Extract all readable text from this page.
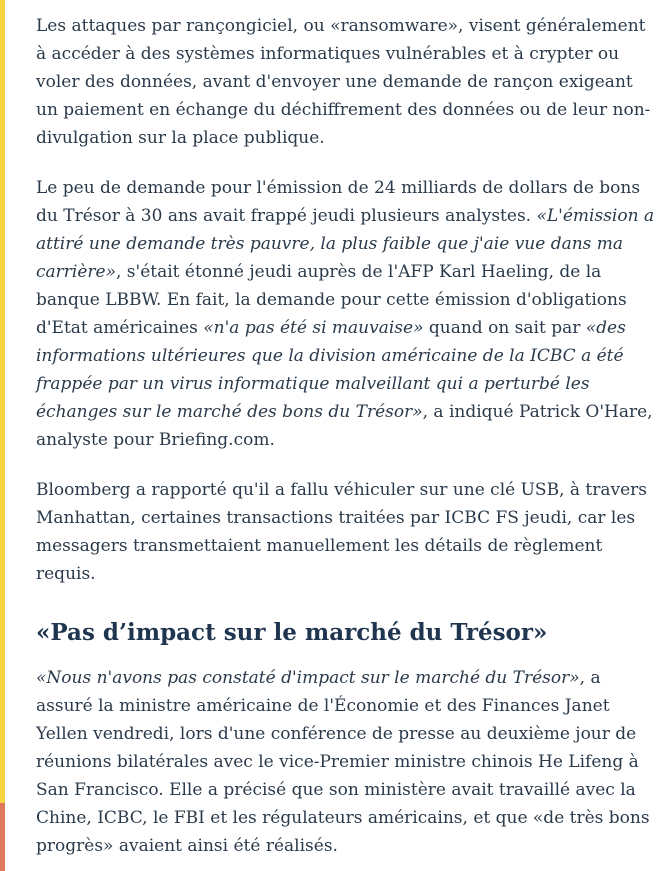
Les attaques par rançongiciel, ou «ransomware», visent généralement à accéder à des systèmes informatiques vulnérables et à crypter ou voler des données, avant d'envoyer une demande de rançon exigeant un paiement en échange du déchiffrement des données ou de leur non-divulgation sur la place publique.

Le peu de demande pour l'émission de 24 milliards de dollars de bons du Trésor à 30 ans avait frappé jeudi plusieurs analystes. «L'émission a attiré une demande très pauvre, la plus faible que j'aie vue dans ma carrière», s'était étonné jeudi auprès de l'AFP Karl Haeling, de la banque LBBW. En fait, la demande pour cette émission d'obligations d'Etat américaines «n'a pas été si mauvaise» quand on sait par «des informations ultérieures que la division américaine de la ICBC a été frappée par un virus informatique malveillant qui a perturbé les échanges sur le marché des bons du Trésor», a indiqué Patrick O'Hare, analyste pour Briefing.com.

Bloomberg a rapporté qu'il a fallu véhiculer sur une clé USB, à travers Manhattan, certaines transactions traitées par ICBC FS jeudi, car les messagers transmettaient manuellement les détails de règlement requis.

«Pas d’impact sur le marché du Trésor»

«Nous n'avons pas constaté d'impact sur le marché du Trésor», a assuré la ministre américaine de l'Économie et des Finances Janet Yellen vendredi, lors d'une conférence de presse au deuxième jour de réunions bilatérales avec le vice-Premier ministre chinois He Lifeng à San Francisco. Elle a précisé que son ministère avait travaillé avec la Chine, ICBC, le FBI et les régulateurs américains, et que «de très bons progrès» avaient ainsi été réalisés.
